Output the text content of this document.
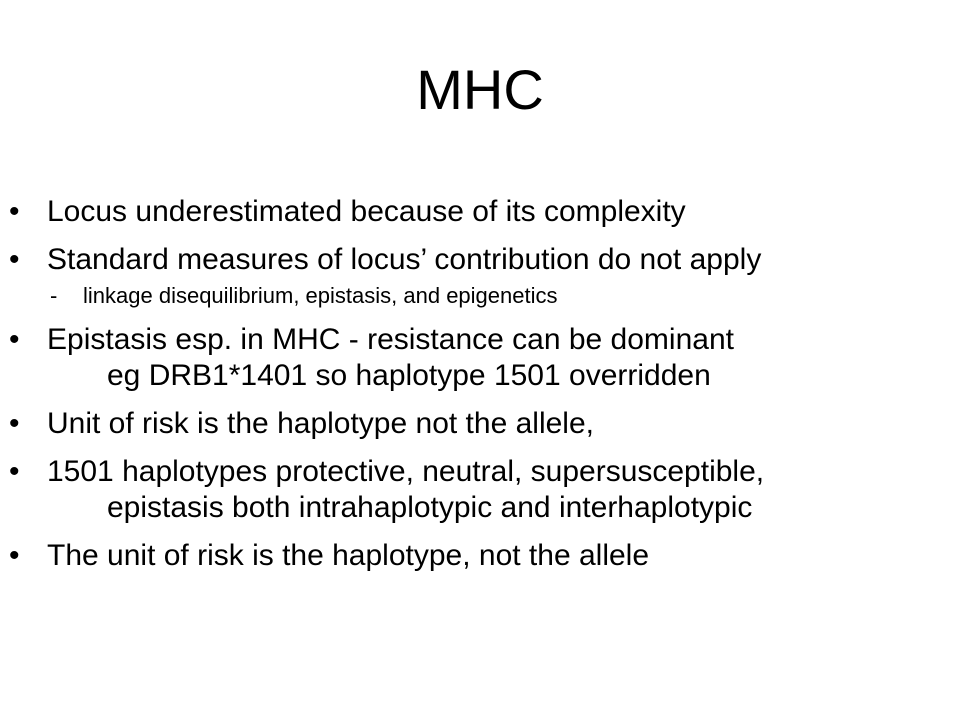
MHC
• Locus underestimated because of its complexity
• Standard measures of locus’ contribution do not apply
- linkage disequilibrium, epistasis, and epigenetics
• Epistasis esp. in MHC - resistance can be dominant
eg DRB1*1401 so haplotype 1501 overridden
• Unit of risk is the haplotype not the allele,
• 1501 haplotypes protective, neutral, supersusceptible,
epistasis both intrahaplotypic and interhaplotypic
• The unit of risk is the haplotype, not the allele
